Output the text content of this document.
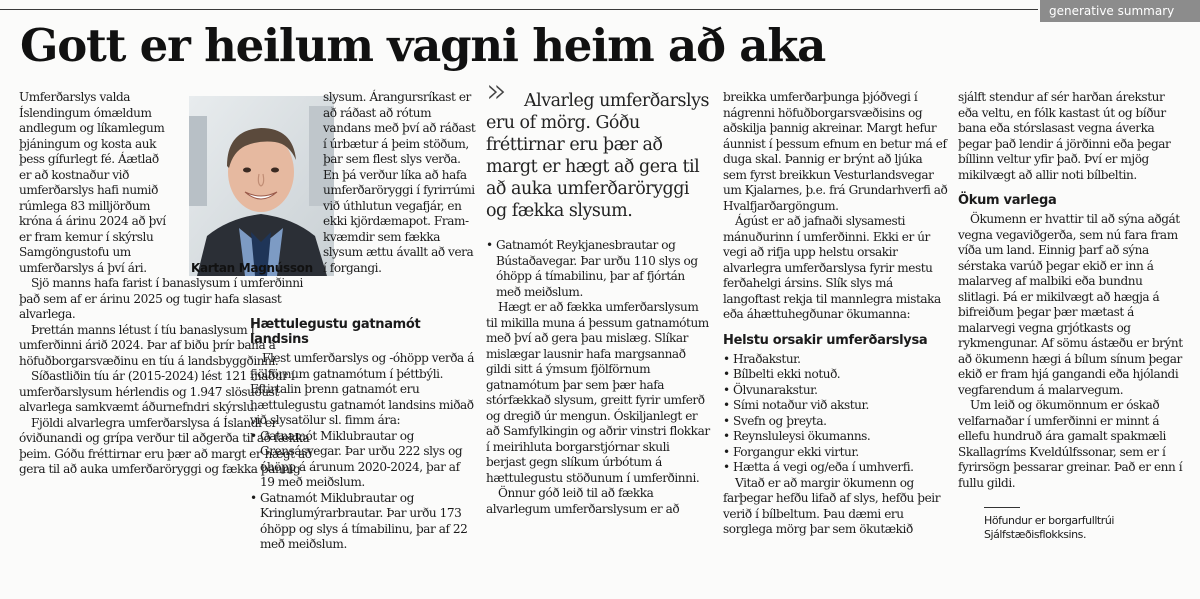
generative summary
Gott er heilum vagni heim að aka

Umferðarslys valda Íslendingum ómældum andlegum og líkamlegum þjáningum og kosta auk þess gífurlegt fé. Áætlað er að kostnaður við umferðarslys hafi numið rúmlega 83 milljörðum króna á árinu 2024 að því er fram kemur í skýrslu Samgöngustofu um umferðarslys á því ári.	Kartan Magnússon

Sjö manns hafa farist í banaslysum í umferðinni það sem af er árinu 2025 og tugir hafa slasast alvarlega.

Þrettán manns létust í tíu banaslysum í umferðinni árið 2024. Þar af biðu þrír bana á höfuðborgarsvæðinu en tíu á landsbyggðinni.

Síðastliðin tíu ár (2015-2024) lést 121 maður í umferðarslysum hérlendis og 1.947 slösuðust alvarlega samkvæmt áðurnefndri skýrslu.

Fjöldi alvarlegra umferðarslysa á Íslandi er óviðunandi og grípa verður til aðgerða til að fækka þeim. Góðu fréttirnar eru þær að margt er hægt að gera til að auka umferðaröryggi og fækka þannig

slysum. Árangursríkast er að ráðast að rótum vandans með því að ráðast í úrbætur á þeim stöðum, þar sem flest slys verða. En þá verður líka að hafa umferðaröryggi í fyrirrúmi við úthlutun vegafjár, en ekki kjördæmapot. Framkvæmdir sem fækka slysum ættu ávallt að vera í forgangi.

Hættulegustu gatnamót landsins

Flest umferðarslys og -óhöpp verða á fjölförnum gatnamótum í þéttbýli. Eftirtalin þrenn gatnamót eru hættulegustu gatnamót landsins miðað við slysatölur sl. fimm ára:

• Gatnamót Miklubrautar og Grensásvegar. Þar urðu 222 slys og óhöpp á árunum 2020-2024, þar af 19 með meiðslum.
• Gatnamót Miklubrautar og Kringlumýrarbrautar. Þar urðu 173 óhöpp og slys á tímabilinu, þar af 22 með meiðslum.
»	Alvarleg umferðarslys eru of mörg. Góðu fréttirnar eru þær að margt er hægt að gera til að auka umferðaröryggi og fækka slysum.

• Gatnamót Reykjanesbrautar og Bústaðavegar. Þar urðu 110 slys og óhöpp á tímabilinu, þar af fjórtán með meiðslum.

Hægt er að fækka umferðarslysum til mikilla muna á þessum gatnamótum með því að gera þau mislæg. Slíkar mislægar lausnir hafa margsannað gildi sitt á ýmsum fjölförnum gatnamótum þar sem þær hafa stórfækkað slysum, greitt fyrir umferð og dregið úr mengun. Óskiljanlegt er að Samfylkingin og aðrir vinstri flokkar í meirihluta borgarstjórnar skuli berjast gegn slíkum úrbótum á hættulegustu stöðunum í umferðinni.

Önnur góð leið til að fækka alvarlegum umferðarslysum er að

breikka umferðarþunga þjóðvegi í nágrenni höfuðborgarsvæðisins og aðskilja þannig akreinar. Margt hefur áunnist í þessum efnum en betur má ef duga skal. Þannig er brýnt að ljúka sem fyrst breikkun Vesturlandsvegar um Kjalarnes, þ.e. frá Grundarhverfi að Hvalfjarðargöngum.

Ágúst er að jafnaði slysamesti mánuðurinn í umferðinni. Ekki er úr vegi að rifja upp helstu orsakir alvarlegra umferðarslysa fyrir mestu ferðahelgi ársins. Slík slys má langoftast rekja til mannlegra mistaka eða áhættuhegðunar ökumanna:

Helstu orsakir umferðarslysa
• Hraðakstur.
• Bílbelti ekki notuð.
• Ölvunarakstur.
• Sími notaður við akstur.
• Svefn og þreyta.
• Reynsluleysi ökumanns.
• Forgangur ekki virtur.
• Hætta á vegi og/eða í umhverfi.

Vitað er að margir ökumenn og farþegar hefðu lifað af slys, hefðu þeir verið í bílbeltum. Þau dæmi eru sorglega mörg þar sem ökutækið

sjálft stendur af sér harðan árekstur eða veltu, en fólk kastast út og bíður bana eða stórslasast vegna áverka þegar það lendir á jörðinni eða þegar bíllinn veltur yfir það. Því er mjög mikilvægt að allir noti bílbeltin.

Ökum varlega

Ökumenn er hvattir til að sýna aðgát vegna vegaviðgerða, sem nú fara fram víða um land. Einnig þarf að sýna sérstaka varúð þegar ekið er inn á malarveg af malbiki eða bundnu slitlagi. Þá er mikilvægt að hægja á bifreiðum þegar þær mætast á malarvegi vegna grjótkasts og rykmengunar. Af sömu ástæðu er brýnt að ökumenn hægi á bílum sínum þegar ekið er fram hjá gangandi eða hjólandi vegfarendum á malarvegum.

Um leið og ökumönnum er óskað velfarnaðar í umferðinni er minnt á ellefu hundruð ára gamalt spakmæli Skallagríms Kveldúlfssonar, sem er í fyrirsögn þessarar greinar. Það er enn í fullu gildi.

Höfundur er borgarfulltrúi Sjálfstæðisflokksins.
